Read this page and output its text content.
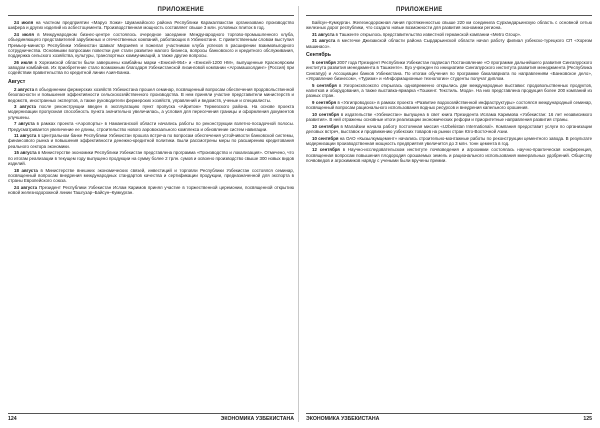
ПРИЛОЖЕНИЕ

24 июля на частном предприятии «Маруо Хожи» Шуманайского района Республики Каракалпакстан организовано производство шифера и других изделий из асбестоцемента. Производственная мощность составляет свыше 3 млн. условных плиток в год.

24 июля в Международном бизнес-центре состоялось очередное заседание Международного торгово-промышленного клуба, объединяющего представителей зарубежных и отечественных компаний, работающих в Узбекистане. С приветственным словом выступил Премьер-министр Республики Узбекистан Шавкат Мирзиёев и пожелал участникам клуба успехов в расширении взаимовыгодного сотрудничества. Основными вопросами повестки дня стали развитие малого бизнеса, вопросы банковского и кредитного обслуживания, поддержка сельского хозяйства, культуры, транспортных коммуникаций, а также другие вопросы.

26 июля в Хорезмской области были завершены комбайны марки «Енисей-954» и «Енисей-1200 НМ», выпущенные Красноярским заводом комбайнов. Их приобретение стало возможным благодаря Узбекистанской лизинговой компании «Агромашхолдинг» (Россия) при содействии правительства по кредитной линии Азия-Банка.

Август

2 августа в объединении фермерских хозяйств Узбекистана прошел семинар, посвященный вопросам обеспечения продовольственной безопасности и повышения эффективности сельскохозяйственного производства. В нем приняли участие представители министерств и ведомств, иностранных экспертов, а также руководители фермерских хозяйств, управлений и ведомств, ученые и специалисты.

3 августа после реконструкции введен в эксплуатацию пункт пропуска «Айритом» Термезского района. На основе проекта модернизации пропускная способность пункта значительно увеличилась, а условия для пересечения границы и оформления документов улучшены.

7 августа в рамках проекта «Аэропорты» в Наманганской области начались работы по реконструкции взлетно-посадочной полосы. Предусматривается увеличение ее длины, строительство нового аэровокзального комплекса и обновление систем навигации.

11 августа в Центральном банке Республики Узбекистан прошла встреча по вопросам обеспечения устойчивости банковской системы, финансового рынка и повышения эффективности денежно-кредитной политики. Были рассмотрены меры по расширению кредитования реального сектора экономики.

15 августа в Министерстве экономики Республики Узбекистан представлена программа «Производство и локализация». Отмечено, что по итогам реализации в текущем году выпущено продукции на сумму более 2 трлн. сумов и освоено производство свыше 300 новых видов изделий.

18 августа в Министерстве внешних экономических связей, инвестиций и торговли Республики Узбекистан состоялся семинар, посвященный вопросам внедрения международных стандартов качества и сертификации продукции, предназначенной для экспорта в страны Европейского союза.

24 августа Президент Республики Узбекистан Ислам Каримов принял участие в торжественной церемонии, посвященной открытию новой железнодорожной линии Ташгузар–Байсун–Кумкурган.

124	ЭКОНОМИКА УЗБЕКИСТАНА
ПРИЛОЖЕНИЕ

Байсун–Кумкурган. Железнодорожная линия протяженностью свыше 220 км соединила Сурхандарьинскую область с основной сетью железных дорог республики, что создало новые возможности для развития экономики региона.

31 августа в Ташкенте открылось представительство известной германской компании «Metro Group».

31 августа в местечке Джизакской области района Сырдарьинской области начал работу филиал узбекско-турецкого СП «Хорезм машинасо».

Сентябрь

5 сентября 2007 года Президент Республики Узбекистан подписал Постановление «О программе дальнейшего развития Сингапурского института развития менеджмента в Ташкенте». Вуз учрежден по инициативе Сингапурского института развития менеджмента (Республика Сингапур) и Ассоциации банков Узбекистана. По итогам обучения по программе бакалавриата по направлениям «Банковское дело», «Управление бизнесом», «Туризм» и «Информационные технологии» студенты получат диплом.

5 сентября в Узгорэкскпоэкспо открылась одновременно открылись две международные выставки: продовольственных продуктов, напитков и оборудования, а также выставка-ярмарка «Тошкент. Текстиль. Мода». На них представлена продукция более 200 компаний из разных стран.

9 сентября в «Узгипроводхоз» в рамках проекта «Развитие водохозяйственной инфраструктуры» состоялся международный семинар, посвященный вопросам рационального использования водных ресурсов и внедрения капельного орошения.

10 сентября в издательстве «Узбекистан» выпущена в свет книга Президента Ислама Каримова «Узбекистан: 16 лет независимого развития». В ней отражены основные итоги реализации экономических реформ и приоритетные направления развития страны.

10 сентября в Малайзии начала работу постоянная миссия «Uzbekistan International». Компания предоставит услуги по организации деловых встреч, выставок и продвижению узбекских товаров на рынки стран Юго-Восточной Азии.

10 сентября на ОАО «Кызылкумцемент» начались строительно-монтажные работы по реконструкции цементного завода. В результате модернизации производственная мощность предприятия увеличится до 3 млн. тонн цемента в год.

12 сентября в Научно-исследовательском институте почвоведения и агрохимии состоялась научно-практическая конференция, посвященная вопросам повышения плодородия орошаемых земель и рационального использования минеральных удобрений. Обществу почвоведов и агрохимиков наряду с учеными были вручены премии.

125
ЭКОНОМИКА УЗБЕКИСТАНА
